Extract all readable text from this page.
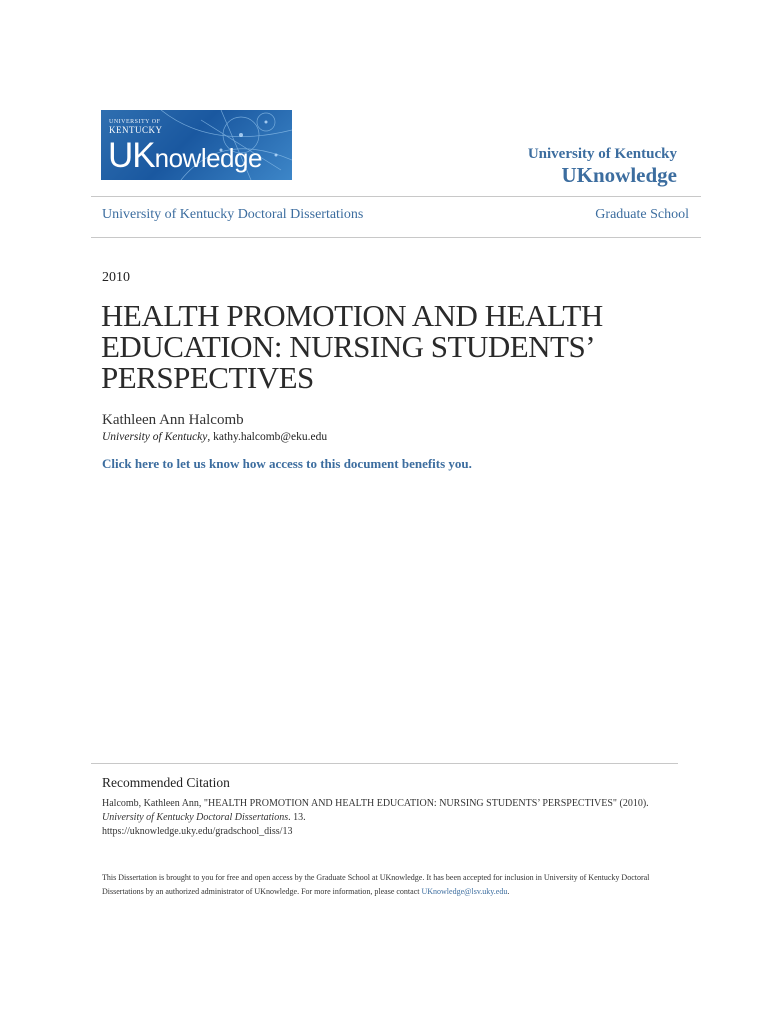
UNIVERSITY OF
KENTUCKY
UKnowledge	University of Kentucky
UKnowledge
University of Kentucky Doctoral Dissertations	Graduate School
2010
HEALTH PROMOTION AND HEALTH EDUCATION: NURSING STUDENTS’ PERSPECTIVES
Kathleen Ann Halcomb
University of Kentucky, kathy.halcomb@eku.edu
Click here to let us know how access to this document benefits you.
Recommended Citation
Halcomb, Kathleen Ann, "HEALTH PROMOTION AND HEALTH EDUCATION: NURSING STUDENTS’ PERSPECTIVES" (2010). University of Kentucky Doctoral Dissertations. 13.
https://uknowledge.uky.edu/gradschool_diss/13
This Dissertation is brought to you for free and open access by the Graduate School at UKnowledge. It has been accepted for inclusion in University of Kentucky Doctoral Dissertations by an authorized administrator of UKnowledge. For more information, please contact UKnowledge@lsv.uky.edu.
